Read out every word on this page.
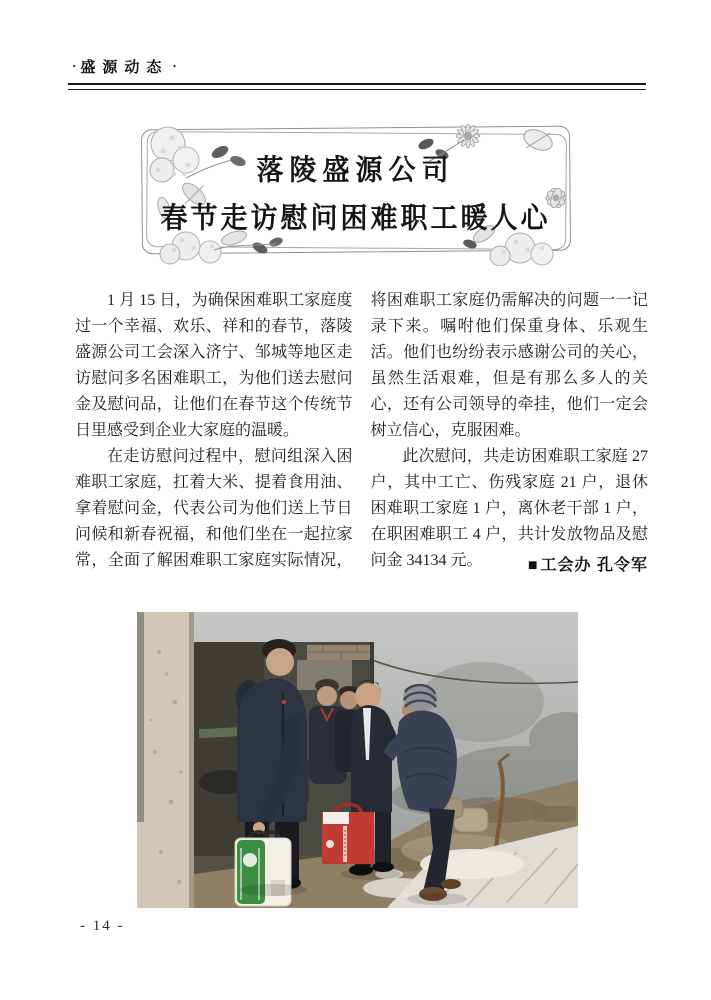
· 盛源动态 ·
落陵盛源公司
春节走访慰问困难职工暖人心

1 月 15 日，为确保困难职工家庭度过一个幸福、欢乐、祥和的春节，落陵盛源公司工会深入济宁、邹城等地区走访慰问多名困难职工，为他们送去慰问金及慰问品，让他们在春节这个传统节日里感受到企业大家庭的温暖。

在走访慰问过程中，慰问组深入困难职工家庭，扛着大米、提着食用油、拿着慰问金，代表公司为他们送上节日问候和新春祝福，和他们坐在一起拉家常，全面了解困难职工家庭实际情况，将困难职工家庭仍需解决的问题一一记录下来。嘱咐他们保重身体、乐观生活。他们也纷纷表示感谢公司的关心，虽然生活艰难，但是有那么多人的关心，还有公司领导的牵挂，他们一定会树立信心，克服困难。

此次慰问，共走访困难职工家庭 27 户，其中工亡、伤残家庭 21 户，退休困难职工家庭 1 户，离休老干部 1 户，在职困难职工 4 户，共计发放物品及慰问金 34134 元。	■ 工会办 孔令军
- 14 -
